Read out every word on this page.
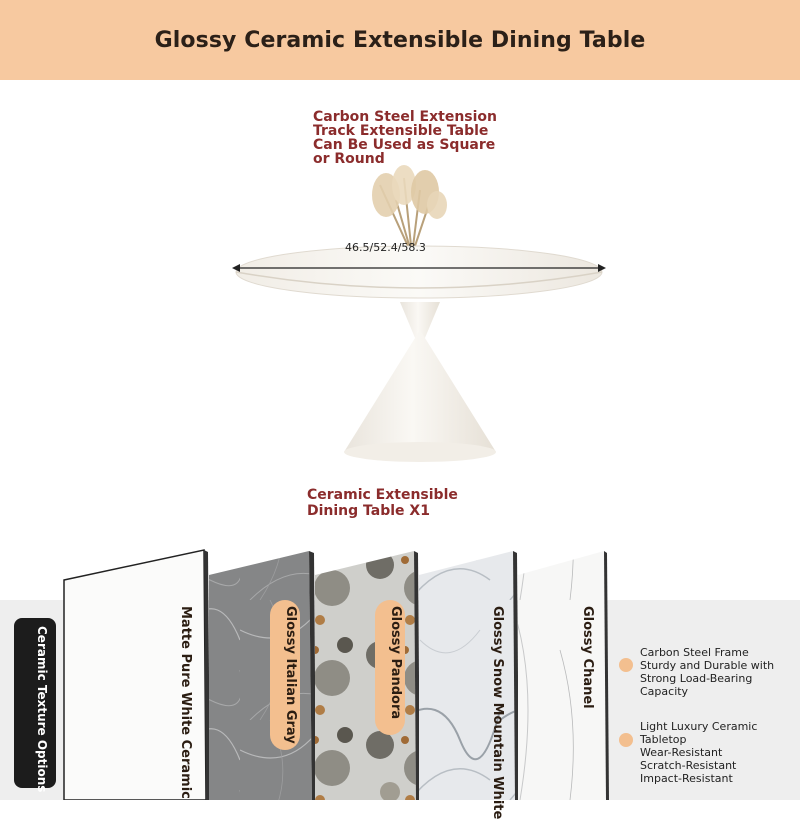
Glossy Ceramic Extensible Dining Table
Carbon Steel Extension Track Extensible Table Can Be Used as Square or Round
46.5/52.4/58.3
Ceramic Extensible Dining Table X1
Ceramic Texture Options	Matte Pure White Ceramic	Glossy Italian Gray	Glossy Pandora	Glossy Snow Mountain White	Glossy Chanel	Carbon Steel Frame
Sturdy and Durable with
Strong Load-Bearing
Capacity
Light Luxury Ceramic
Tabletop
Wear-Resistant
Scratch-Resistant
Impact-Resistant
